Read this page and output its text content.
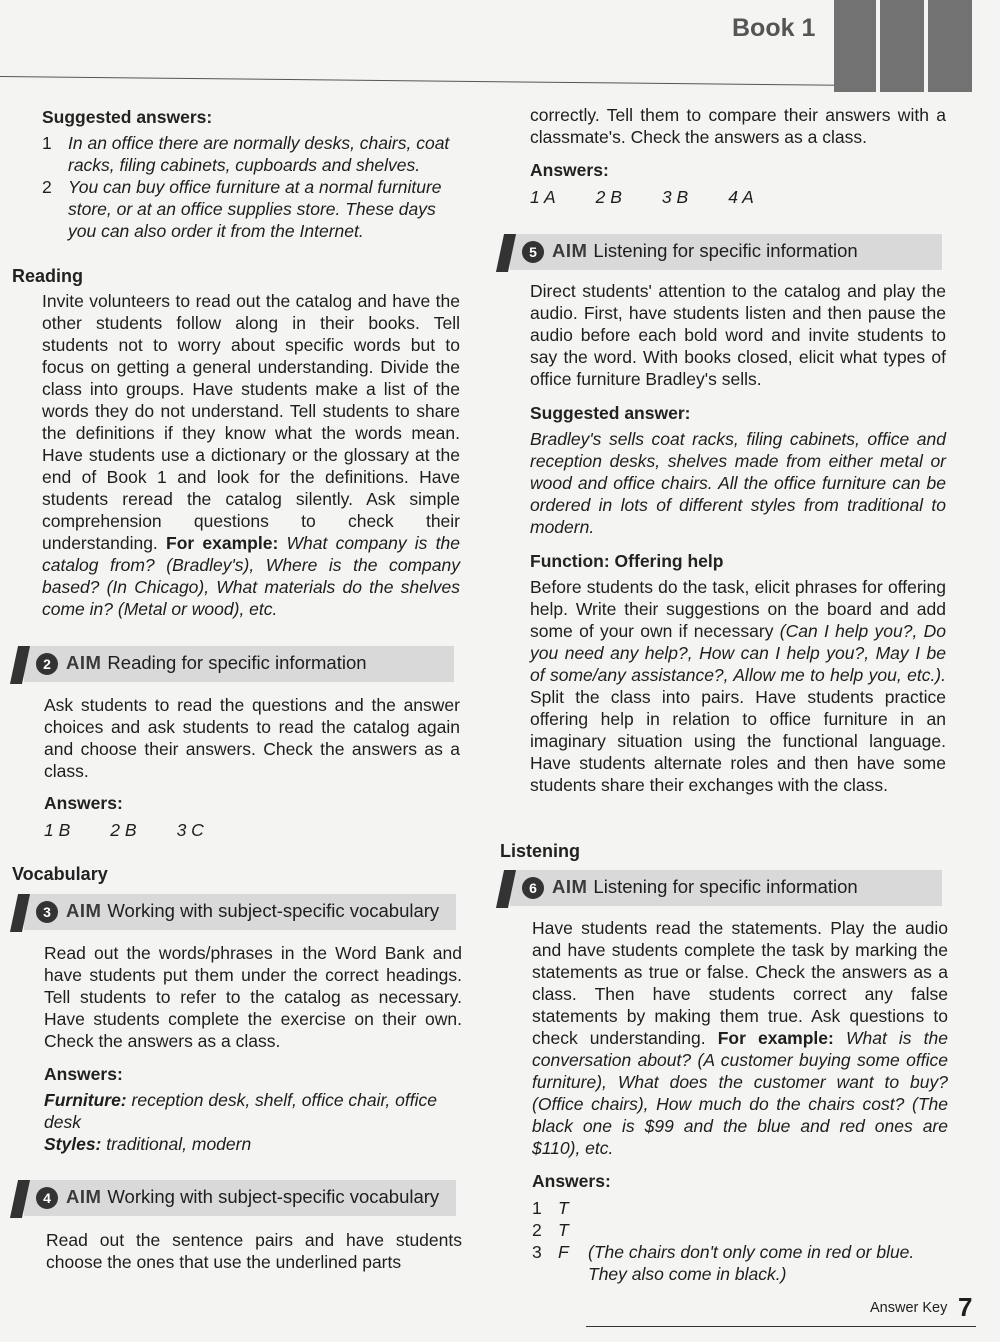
Book 1
Suggested answers:
1 In an office there are normally desks, chairs, coat racks, filing cabinets, cupboards and shelves.
2 You can buy office furniture at a normal furniture store, or at an office supplies store. These days you can also order it from the Internet.
Reading

Invite volunteers to read out the catalog and have the other students follow along in their books. Tell students not to worry about specific words but to focus on getting a general understanding. Divide the class into groups. Have students make a list of the words they do not understand. Tell students to share the definitions if they know what the words mean. Have students use a dictionary or the glossary at the end of Book 1 and look for the definitions. Have students reread the catalog silently. Ask simple comprehension questions to check their understanding. For example: What company is the catalog from? (Bradley's), Where is the company based? (In Chicago), What materials do the shelves come in? (Metal or wood), etc.

2 AIM Reading for specific information
Ask students to read the questions and the answer choices and ask students to read the catalog again and choose their answers. Check the answers as a class.
Answers:
1 B 2 B 3 C
Vocabulary
3 AIM Working with subject-specific vocabulary
Read out the words/phrases in the Word Bank and have students put them under the correct headings. Tell students to refer to the catalog as necessary. Have students complete the exercise on their own. Check the answers as a class.
Answers:

Furniture: reception desk, shelf, office chair, office desk

Styles: traditional, modern

4 AIM Working with subject-specific vocabulary
Read out the sentence pairs and have students choose the ones that use the underlined parts
correctly. Tell them to compare their answers with a classmate's. Check the answers as a class.
Answers:
1 A 2 B 3 B 4 A
5 AIM Listening for specific information
Direct students' attention to the catalog and play the audio. First, have students listen and then pause the audio before each bold word and invite students to say the word. With books closed, elicit what types of office furniture Bradley's sells.
Suggested answer:
Bradley's sells coat racks, filing cabinets, office and reception desks, shelves made from either metal or wood and office chairs. All the office furniture can be ordered in lots of different styles from traditional to modern.
Function: Offering help

Before students do the task, elicit phrases for offering help. Write their suggestions on the board and add some of your own if necessary (Can I help you?, Do you need any help?, How can I help you?, May I be of some/any assistance?, Allow me to help you, etc.). Split the class into pairs. Have students practice offering help in relation to office furniture in an imaginary situation using the functional language. Have students alternate roles and then have some students share their exchanges with the class.

Listening
6 AIM Listening for specific information

Have students read the statements. Play the audio and have students complete the task by marking the statements as true or false. Check the answers as a class. Then have students correct any false statements by making them true. Ask questions to check understanding. For example: What is the conversation about? (A customer buying some office furniture), What does the customer want to buy? (Office chairs), How much do the chairs cost? (The black one is $99 and the blue and red ones are $110), etc.

Answers:
1 T
2 T
3 F	(The chairs don't only come in red or blue. They also come in black.)
Answer Key 7
